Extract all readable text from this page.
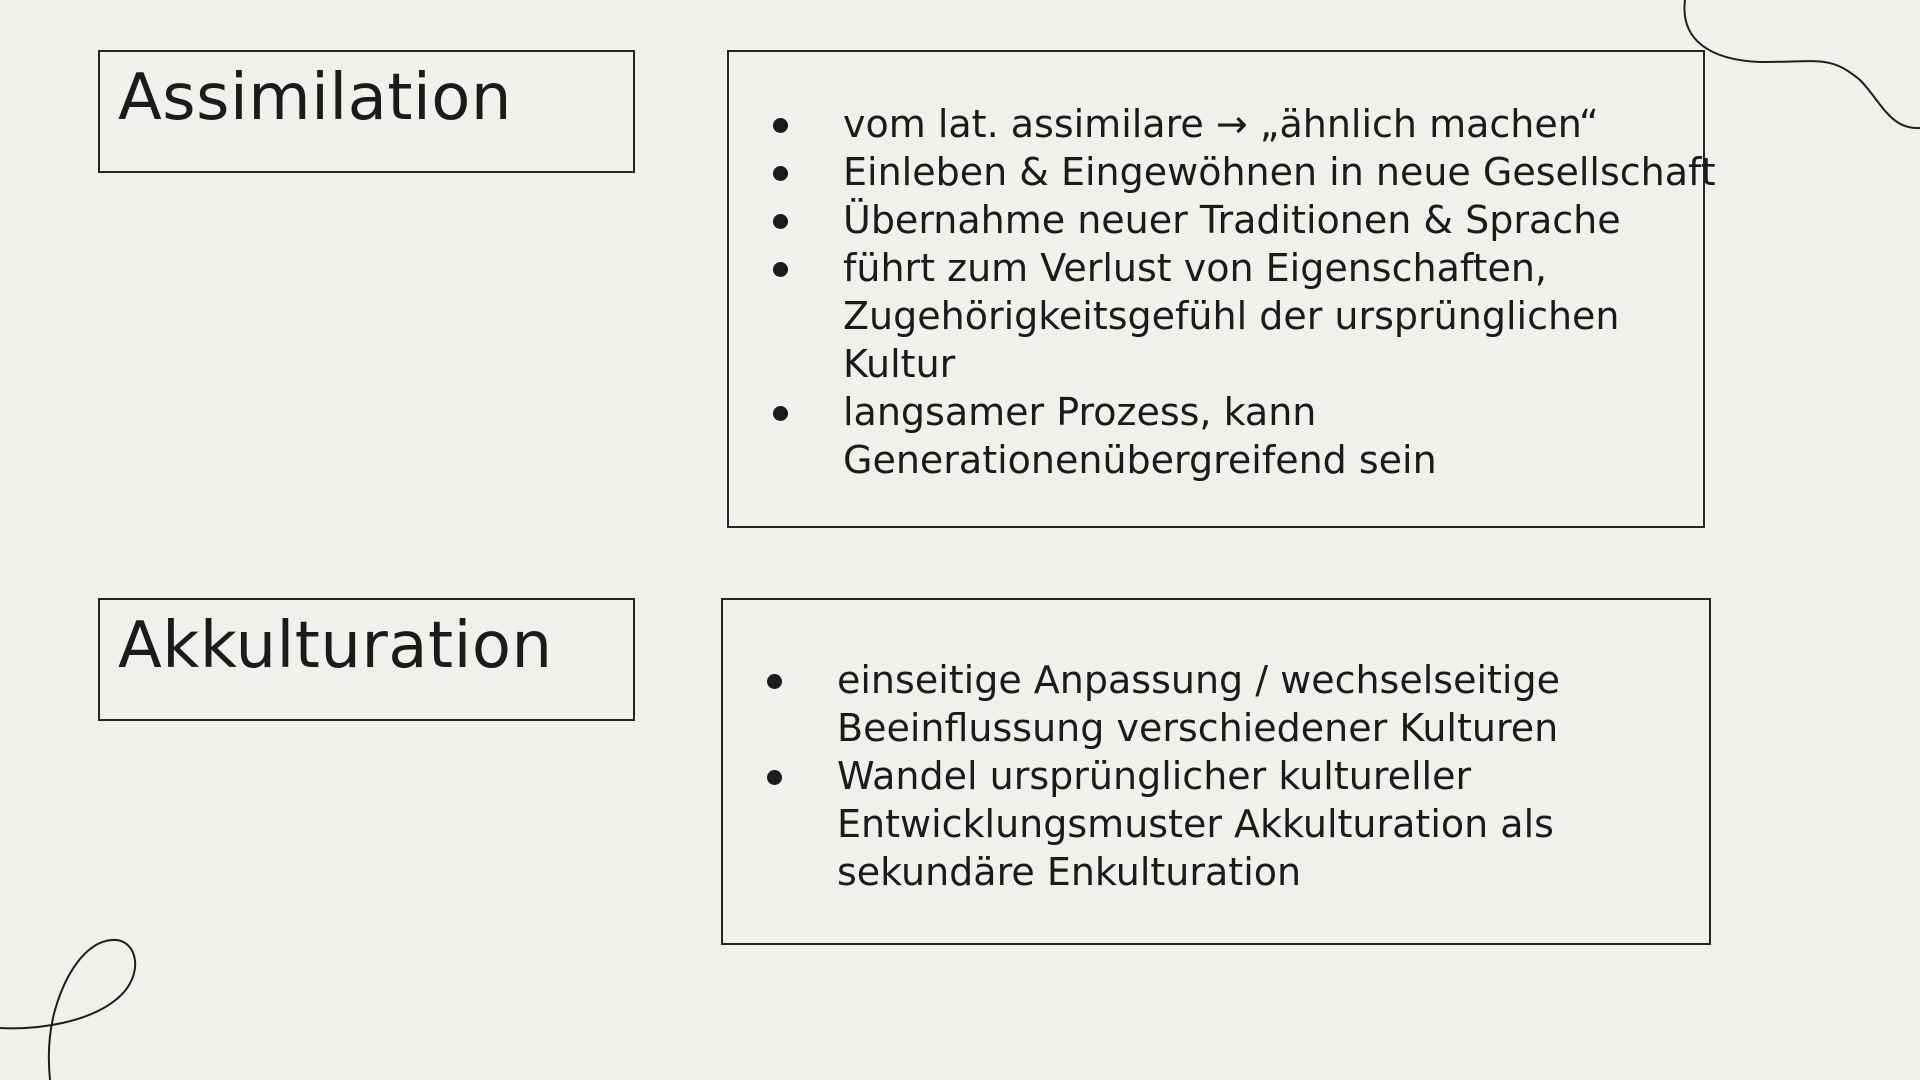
Assimilation	vom lat. assimilare → „ähnlich machen“
Einleben & Eingewöhnen in neue Gesellschaft
Übernahme neuer Traditionen & Sprache
führt zum Verlust von Eigenschaften,
Zugehörigkeitsgefühl der ursprünglichen
Kultur
langsamer Prozess, kann
Generationenübergreifend sein
Akkulturation	einseitige Anpassung / wechselseitige
Beeinflussung verschiedener Kulturen
Wandel ursprünglicher kultureller
Entwicklungsmuster Akkulturation als
sekundäre Enkulturation
